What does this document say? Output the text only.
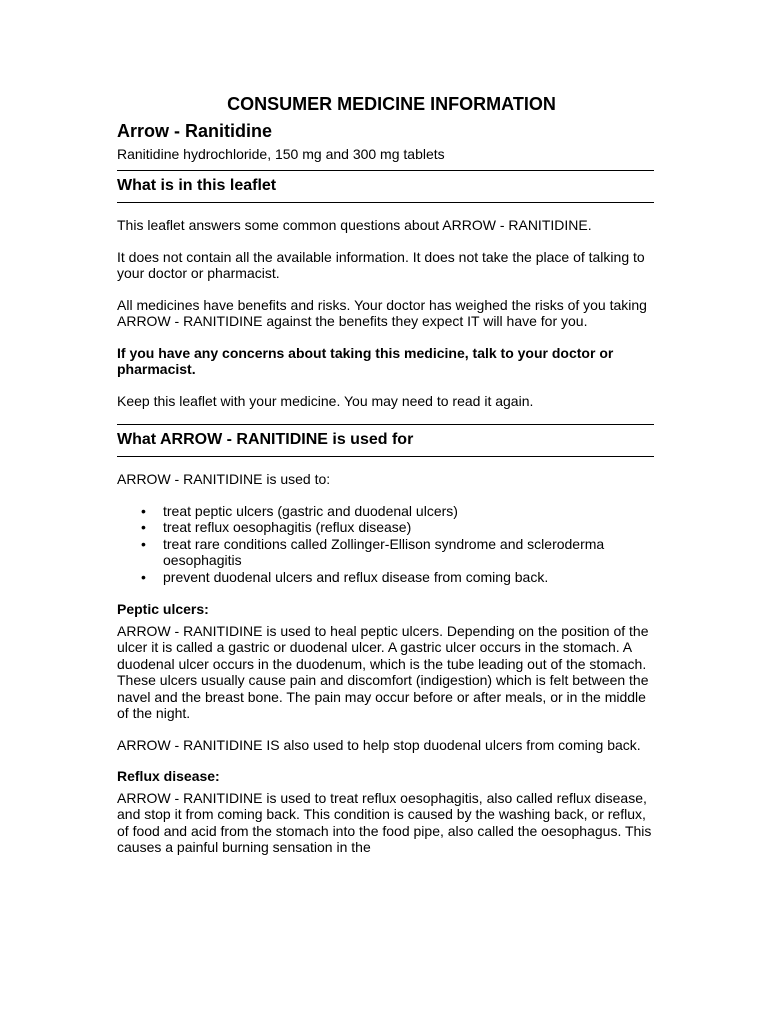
CONSUMER MEDICINE INFORMATION
Arrow - Ranitidine
Ranitidine hydrochloride, 150 mg and 300 mg tablets
What is in this leaflet

This leaflet answers some common questions about ARROW - RANITIDINE.

It does not contain all the available information. It does not take the place of talking to your doctor or pharmacist.

All medicines have benefits and risks. Your doctor has weighed the risks of you taking ARROW - RANITIDINE against the benefits they expect IT will have for you.

If you have any concerns about taking this medicine, talk to your doctor or pharmacist.

Keep this leaflet with your medicine. You may need to read it again.

What ARROW - RANITIDINE is used for

ARROW - RANITIDINE is used to:

• treat peptic ulcers (gastric and duodenal ulcers)
• treat reflux oesophagitis (reflux disease)
• treat rare conditions called Zollinger-Ellison syndrome and scleroderma oesophagitis
• prevent duodenal ulcers and reflux disease from coming back.
Peptic ulcers:

ARROW - RANITIDINE is used to heal peptic ulcers. Depending on the position of the ulcer it is called a gastric or duodenal ulcer. A gastric ulcer occurs in the stomach. A duodenal ulcer occurs in the duodenum, which is the tube leading out of the stomach. These ulcers usually cause pain and discomfort (indigestion) which is felt between the navel and the breast bone. The pain may occur before or after meals, or in the middle of the night.

ARROW - RANITIDINE IS also used to help stop duodenal ulcers from coming back.

Reflux disease:

ARROW - RANITIDINE is used to treat reflux oesophagitis, also called reflux disease, and stop it from coming back. This condition is caused by the washing back, or reflux, of food and acid from the stomach into the food pipe, also called the oesophagus. This causes a painful burning sensation in the
